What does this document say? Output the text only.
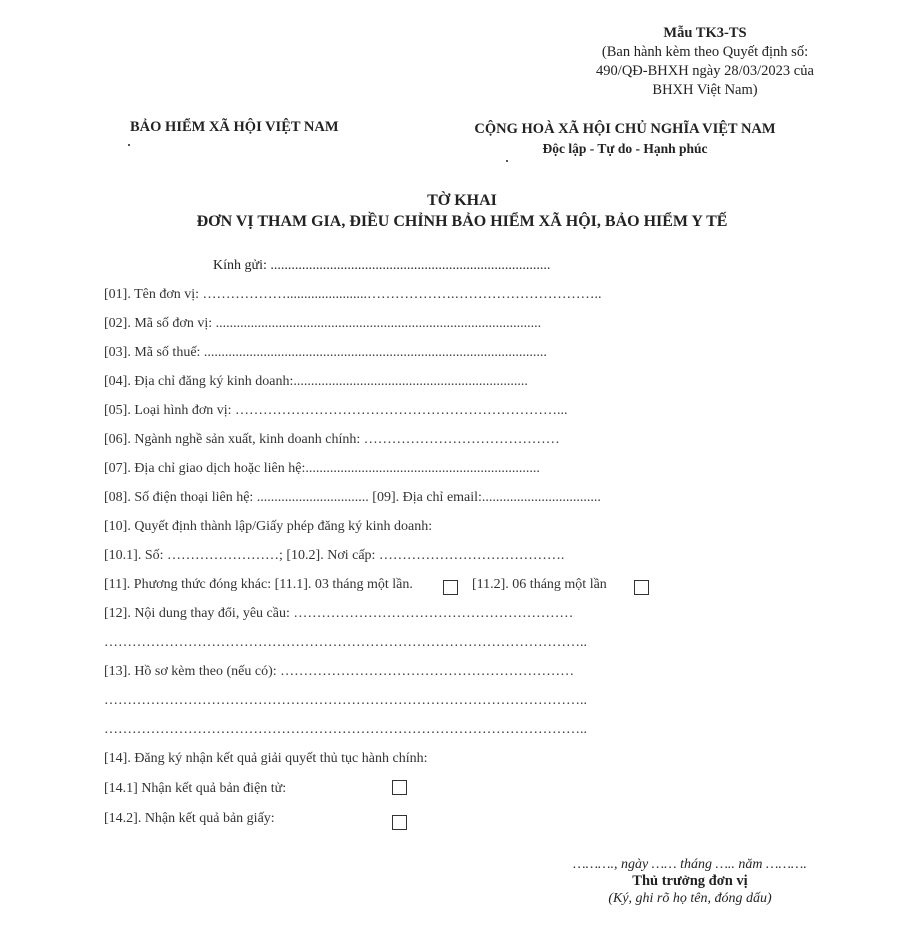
Mẫu TK3-TS
(Ban hành kèm theo Quyết định số:
490/QĐ-BHXH ngày 28/03/2023 của
BHXH Việt Nam)
BẢO HIỂM XÃ HỘI VIỆT NAM	CỘNG HOÀ XÃ HỘI CHỦ NGHĨA VIỆT NAM
Độc lập - Tự do - Hạnh phúc
TỜ KHAI
ĐƠN VỊ THAM GIA, ĐIỀU CHỈNH BẢO HIỂM XÃ HỘI, BẢO HIỂM Y TẾ
Kính gửi: ................................................................................
[01]. Tên đơn vị: ……………….......................……………….…………………………..
[02]. Mã số đơn vị: .............................................................................................
[03]. Mã số thuế: ..................................................................................................
[04]. Địa chỉ đăng ký kinh doanh:...................................................................
[05]. Loại hình đơn vị: ……………………………………………………………...
[06]. Ngành nghề sản xuất, kinh doanh chính: ……………………………………
[07]. Địa chỉ giao dịch hoặc liên hệ:...................................................................
[08]. Số điện thoại liên hệ: ................................ [09]. Địa chỉ email:..................................
[10]. Quyết định thành lập/Giấy phép đăng ký kinh doanh:
[10.1]. Số: ……………………; [10.2]. Nơi cấp: ………………………………….
[11]. Phương thức đóng khác: [11.1]. 03 tháng một lần.	[11.2]. 06 tháng một lần
[12]. Nội dung thay đổi, yêu cầu: ……………………………………………………
…………………………………………………………………………………………..
[13]. Hồ sơ kèm theo (nếu có): ………………………………………………………
…………………………………………………………………………………………..
…………………………………………………………………………………………..
[14]. Đăng ký nhận kết quả giải quyết thủ tục hành chính:
[14.1] Nhận kết quả bản điện tử:
[14.2]. Nhận kết quả bản giấy:
………., ngày …… tháng ….. năm ……….
Thủ trưởng đơn vị
(Ký, ghi rõ họ tên, đóng dấu)
